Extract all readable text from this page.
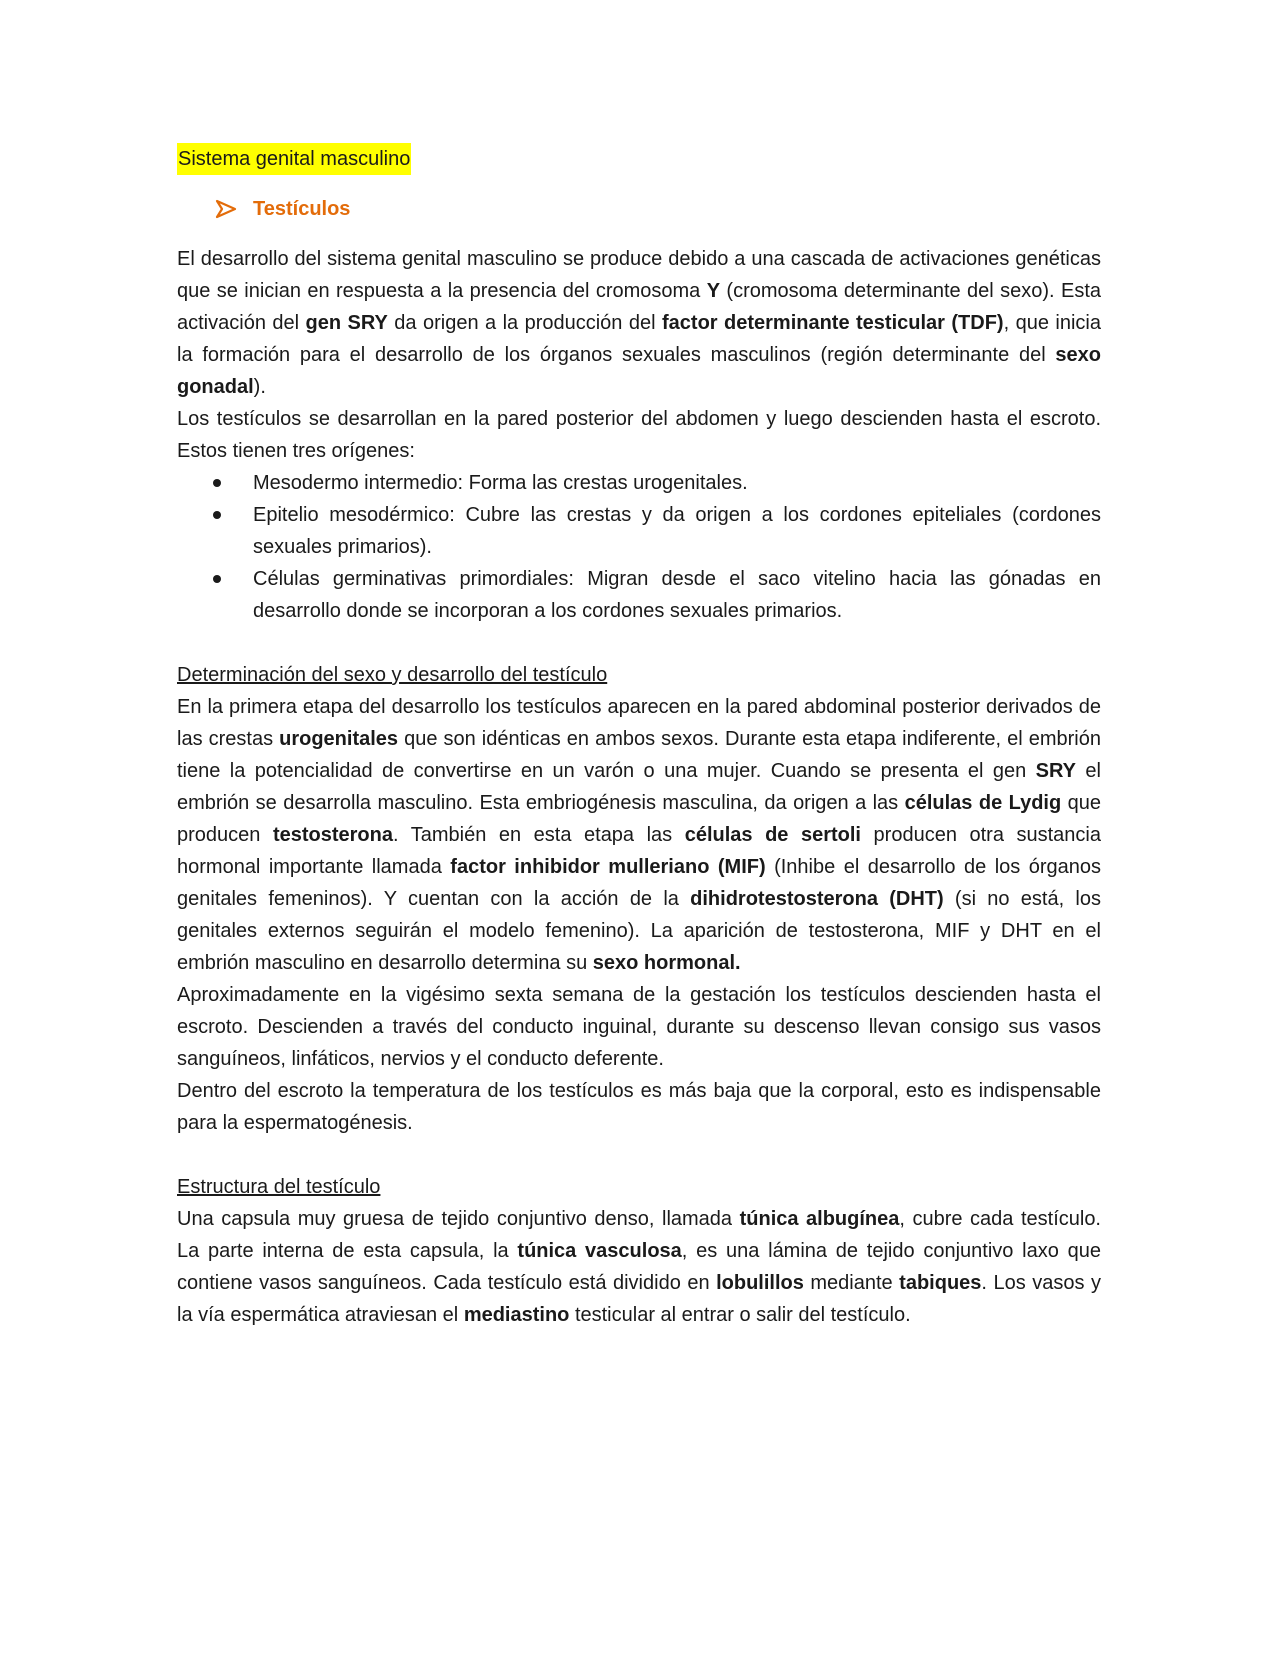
Sistema genital masculino
Testículos

El desarrollo del sistema genital masculino se produce debido a una cascada de activaciones genéticas que se inician en respuesta a la presencia del cromosoma Y (cromosoma determinante del sexo). Esta activación del gen SRY da origen a la producción del factor determinante testicular (TDF), que inicia la formación para el desarrollo de los órganos sexuales masculinos (región determinante del sexo gonadal).

Los testículos se desarrollan en la pared posterior del abdomen y luego descienden hasta el escroto. Estos tienen tres orígenes:

Mesodermo intermedio: Forma las crestas urogenitales.
Epitelio mesodérmico: Cubre las crestas y da origen a los cordones epiteliales (cordones sexuales primarios).
Células germinativas primordiales: Migran desde el saco vitelino hacia las gónadas en desarrollo donde se incorporan a los cordones sexuales primarios.

Determinación del sexo y desarrollo del testículo

En la primera etapa del desarrollo los testículos aparecen en la pared abdominal posterior derivados de las crestas urogenitales que son idénticas en ambos sexos. Durante esta etapa indiferente, el embrión tiene la potencialidad de convertirse en un varón o una mujer. Cuando se presenta el gen SRY el embrión se desarrolla masculino. Esta embriogénesis masculina, da origen a las células de Lydig que producen testosterona. También en esta etapa las células de sertoli producen otra sustancia hormonal importante llamada factor inhibidor mulleriano (MIF) (Inhibe el desarrollo de los órganos genitales femeninos). Y cuentan con la acción de la dihidrotestosterona (DHT) (si no está, los genitales externos seguirán el modelo femenino). La aparición de testosterona, MIF y DHT en el embrión masculino en desarrollo determina su sexo hormonal.

Aproximadamente en la vigésimo sexta semana de la gestación los testículos descienden hasta el escroto. Descienden a través del conducto inguinal, durante su descenso llevan consigo sus vasos sanguíneos, linfáticos, nervios y el conducto deferente.

Dentro del escroto la temperatura de los testículos es más baja que la corporal, esto es indispensable para la espermatogénesis.

Estructura del testículo

Una capsula muy gruesa de tejido conjuntivo denso, llamada túnica albugínea, cubre cada testículo. La parte interna de esta capsula, la túnica vasculosa, es una lámina de tejido conjuntivo laxo que contiene vasos sanguíneos. Cada testículo está dividido en lobulillos mediante tabiques. Los vasos y la vía espermática atraviesan el mediastino testicular al entrar o salir del testículo.
